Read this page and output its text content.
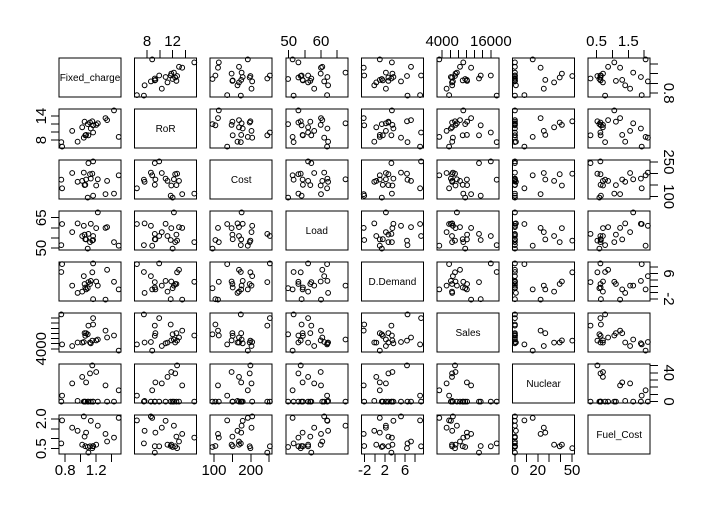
Fixed_charge
RoR
Cost
Load
D.Demand
Sales
Nuclear
Fuel_Cost
0.8 1.2
8 12
100 200
50 60
-2 2 6
4000 16000
0 20 50
0.5 1.5
0.8
8
14
100
250
50
65
-2
6
4000
0
40
0.5
2.0
